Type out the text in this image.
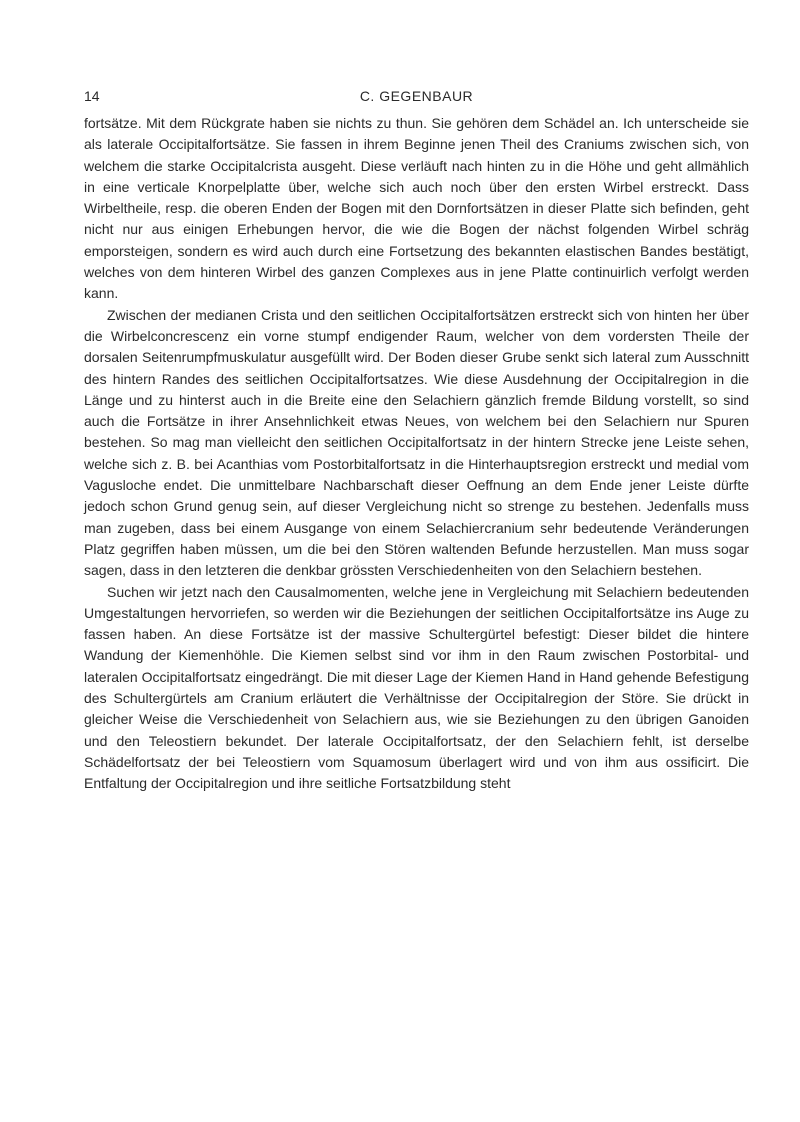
14	C. GEGENBAUR

fortsätze. Mit dem Rückgrate haben sie nichts zu thun. Sie gehören dem Schädel an. Ich unterscheide sie als laterale Occipitalfortsätze. Sie fassen in ihrem Beginne jenen Theil des Craniums zwischen sich, von welchem die starke Occipitalcrista ausgeht. Diese verläuft nach hinten zu in die Höhe und geht allmählich in eine verticale Knorpelplatte über, welche sich auch noch über den ersten Wirbel erstreckt. Dass Wirbeltheile, resp. die oberen Enden der Bogen mit den Dornfortsätzen in dieser Platte sich befinden, geht nicht nur aus einigen Erhebungen hervor, die wie die Bogen der nächst folgenden Wirbel schräg emporsteigen, sondern es wird auch durch eine Fortsetzung des bekannten elastischen Bandes bestätigt, welches von dem hinteren Wirbel des ganzen Complexes aus in jene Platte continuirlich verfolgt werden kann.

Zwischen der medianen Crista und den seitlichen Occipitalfortsätzen erstreckt sich von hinten her über die Wirbelconcrescenz ein vorne stumpf endigender Raum, welcher von dem vordersten Theile der dorsalen Seitenrumpfmuskulatur ausgefüllt wird. Der Boden dieser Grube senkt sich lateral zum Ausschnitt des hintern Randes des seitlichen Occipitalfortsatzes. Wie diese Ausdehnung der Occipitalregion in die Länge und zu hinterst auch in die Breite eine den Selachiern gänzlich fremde Bildung vorstellt, so sind auch die Fortsätze in ihrer Ansehnlichkeit etwas Neues, von welchem bei den Selachiern nur Spuren bestehen. So mag man vielleicht den seitlichen Occipitalfortsatz in der hintern Strecke jene Leiste sehen, welche sich z. B. bei Acanthias vom Postorbitalfortsatz in die Hinterhauptsregion erstreckt und medial vom Vagusloche endet. Die unmittelbare Nachbarschaft dieser Oeffnung an dem Ende jener Leiste dürfte jedoch schon Grund genug sein, auf dieser Vergleichung nicht so strenge zu bestehen. Jedenfalls muss man zugeben, dass bei einem Ausgange von einem Selachiercranium sehr bedeutende Veränderungen Platz gegriffen haben müssen, um die bei den Stören waltenden Befunde herzustellen. Man muss sogar sagen, dass in den letzteren die denkbar grössten Verschiedenheiten von den Selachiern bestehen.

Suchen wir jetzt nach den Causalmomenten, welche jene in Vergleichung mit Selachiern bedeutenden Umgestaltungen hervorriefen, so werden wir die Beziehungen der seitlichen Occipitalfortsätze ins Auge zu fassen haben. An diese Fortsätze ist der massive Schultergürtel befestigt: Dieser bildet die hintere Wandung der Kiemenhöhle. Die Kiemen selbst sind vor ihm in den Raum zwischen Postorbital- und lateralen Occipitalfortsatz eingedrängt. Die mit dieser Lage der Kiemen Hand in Hand gehende Befestigung des Schultergürtels am Cranium erläutert die Verhältnisse der Occipitalregion der Störe. Sie drückt in gleicher Weise die Verschiedenheit von Selachiern aus, wie sie Beziehungen zu den übrigen Ganoiden und den Teleostiern bekundet. Der laterale Occipitalfortsatz, der den Selachiern fehlt, ist derselbe Schädelfortsatz der bei Teleostiern vom Squamosum überlagert wird und von ihm aus ossificirt. Die Entfaltung der Occipitalregion und ihre seitliche Fortsatzbildung steht
